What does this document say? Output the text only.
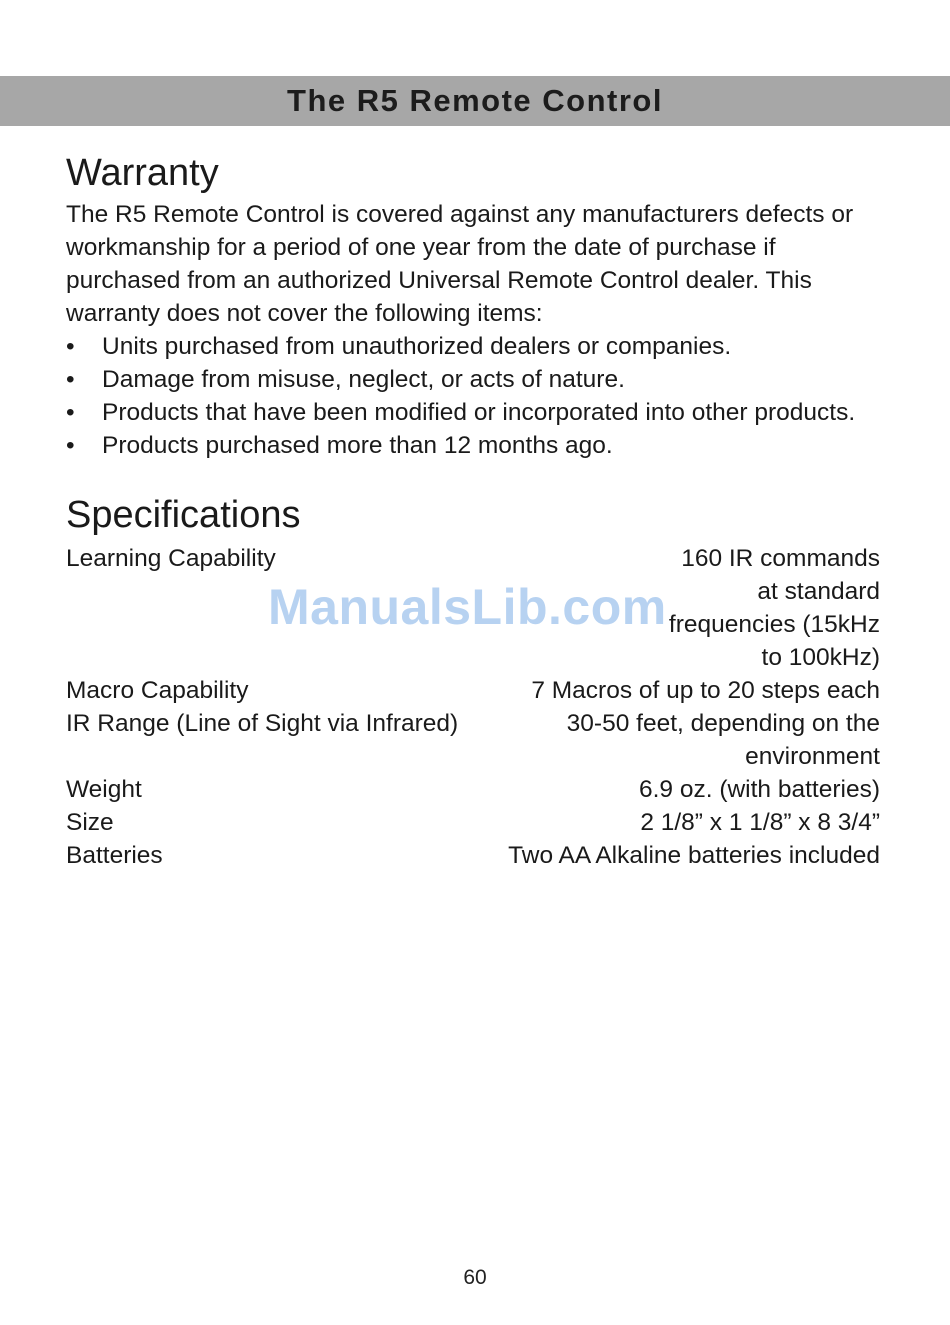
The R5 Remote Control
Warranty

The R5 Remote Control is covered against any manufacturers defects or workmanship for a period of one year from the date of purchase if purchased from an authorized Universal Remote Control dealer. This warranty does not cover the following items:

•	Units purchased from unauthorized dealers or companies.
•	Damage from misuse, neglect, or acts of nature.
•	Products that have been modified or incorporated into other products.
•	Products purchased more than 12 months ago.
Specifications
Learning Capability	160 IR commands at standard frequencies (15kHz to 100kHz)
Macro Capability	7 Macros of up to 20 steps each
IR Range (Line of Sight via Infrared)	30-50 feet, depending on the environment
Weight	6.9 oz. (with batteries)
Size	2 1/8” x 1 1/8” x 8 3/4”
Batteries	Two AA Alkaline batteries included
ManualsLib.com
60
